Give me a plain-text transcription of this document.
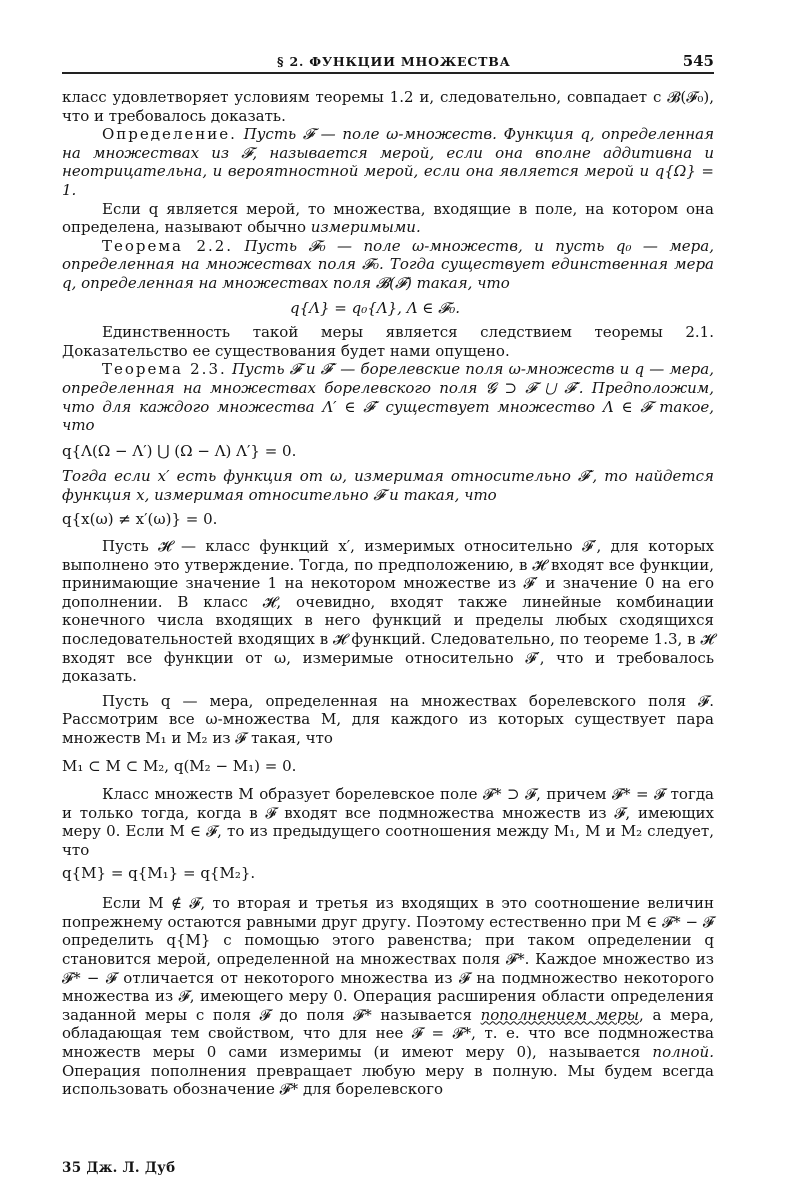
§ 2. ФУНКЦИИ МНОЖЕСТВА	545

класс удовлетворяет условиям теоремы 1.2 и, следовательно, совпадает с 𝓑(𝓕₀), что и требовалось доказать.

Определение. Пусть 𝓕 — поле ω-множеств. Функция q, определенная на множествах из 𝓕, называется мерой, если она вполне аддитивна и неотрицательна, и вероятностной мерой, если она является мерой и q{Ω} = 1.

Если q является мерой, то множества, входящие в поле, на котором она определена, называют обычно измеримыми.

Теорема 2.2. Пусть 𝓕₀ — поле ω-множеств, и пусть q₀ — мера, определенная на множествах поля 𝓕₀. Тогда существует единственная мера q, определенная на множествах поля 𝓑(𝓕) такая, что

q{Λ} = q₀{Λ}, Λ ∈ 𝓕₀.

Единственность такой меры является следствием теоремы 2.1. Доказательство ее существования будет нами опущено.

Теорема 2.3. Пусть 𝓕 и 𝓕′ — борелевские поля ω-множеств и q — мера, определенная на множествах борелевского поля 𝓖 ⊃ 𝓕 ⋃ 𝓕′. Предположим, что для каждого множества Λ′ ∈ 𝓕′ существует множество Λ ∈ 𝓕 такое, что

q{Λ(Ω − Λ′) ⋃ (Ω − Λ) Λ′} = 0.

Тогда если x′ есть функция от ω, измеримая относительно 𝓕′, то найдется функция x, измеримая относительно 𝓕 и такая, что

q{x(ω) ≠ x′(ω)} = 0.

Пусть 𝓗 — класс функций x′, измеримых относительно 𝓕′, для которых выполнено это утверждение. Тогда, по предположению, в 𝓗 входят все функции, принимающие значение 1 на некотором множестве из 𝓕′ и значение 0 на его дополнении. В класс 𝓗, очевидно, входят также линейные комбинации конечного числа входящих в него функций и пределы любых сходящихся последовательностей входящих в 𝓗 функций. Следовательно, по теореме 1.3, в 𝓗 входят все функции от ω, измеримые относительно 𝓕′, что и требовалось доказать.

Пусть q — мера, определенная на множествах борелевского поля 𝓕. Рассмотрим все ω-множества M, для каждого из которых существует пара множеств M₁ и M₂ из 𝓕 такая, что

M₁ ⊂ M ⊂ M₂, q(M₂ − M₁) = 0.

Класс множеств M образует борелевское поле 𝓕* ⊃ 𝓕, причем 𝓕* = 𝓕 тогда и только тогда, когда в 𝓕 входят все подмножества множеств из 𝓕, имеющих меру 0. Если M ∈ 𝓕, то из предыдущего соотношения между M₁, M и M₂ следует, что

q{M} = q{M₁} = q{M₂}.

Если M ∉ 𝓕, то вторая и третья из входящих в это соотношение величин попрежнему остаются равными друг другу. Поэтому естественно при M ∈ 𝓕* − 𝓕 определить q{M} с помощью этого равенства; при таком определении q становится мерой, определенной на множествах поля 𝓕*. Каждое множество из 𝓕* − 𝓕 отличается от некоторого множества из 𝓕 на подмножество некоторого множества из 𝓕, имеющего меру 0. Операция расширения области определения заданной меры с поля 𝓕 до поля 𝓕* называется пополнением меры, а мера, обладающая тем свойством, что для нее 𝓕 = 𝓕*, т. е. что все подмножества множеств меры 0 сами измеримы (и имеют меру 0), называется полной. Операция пополнения превращает любую меру в полную. Мы будем всегда использовать обозначение 𝓕* для борелевского

35 Дж. Л. Дуб
